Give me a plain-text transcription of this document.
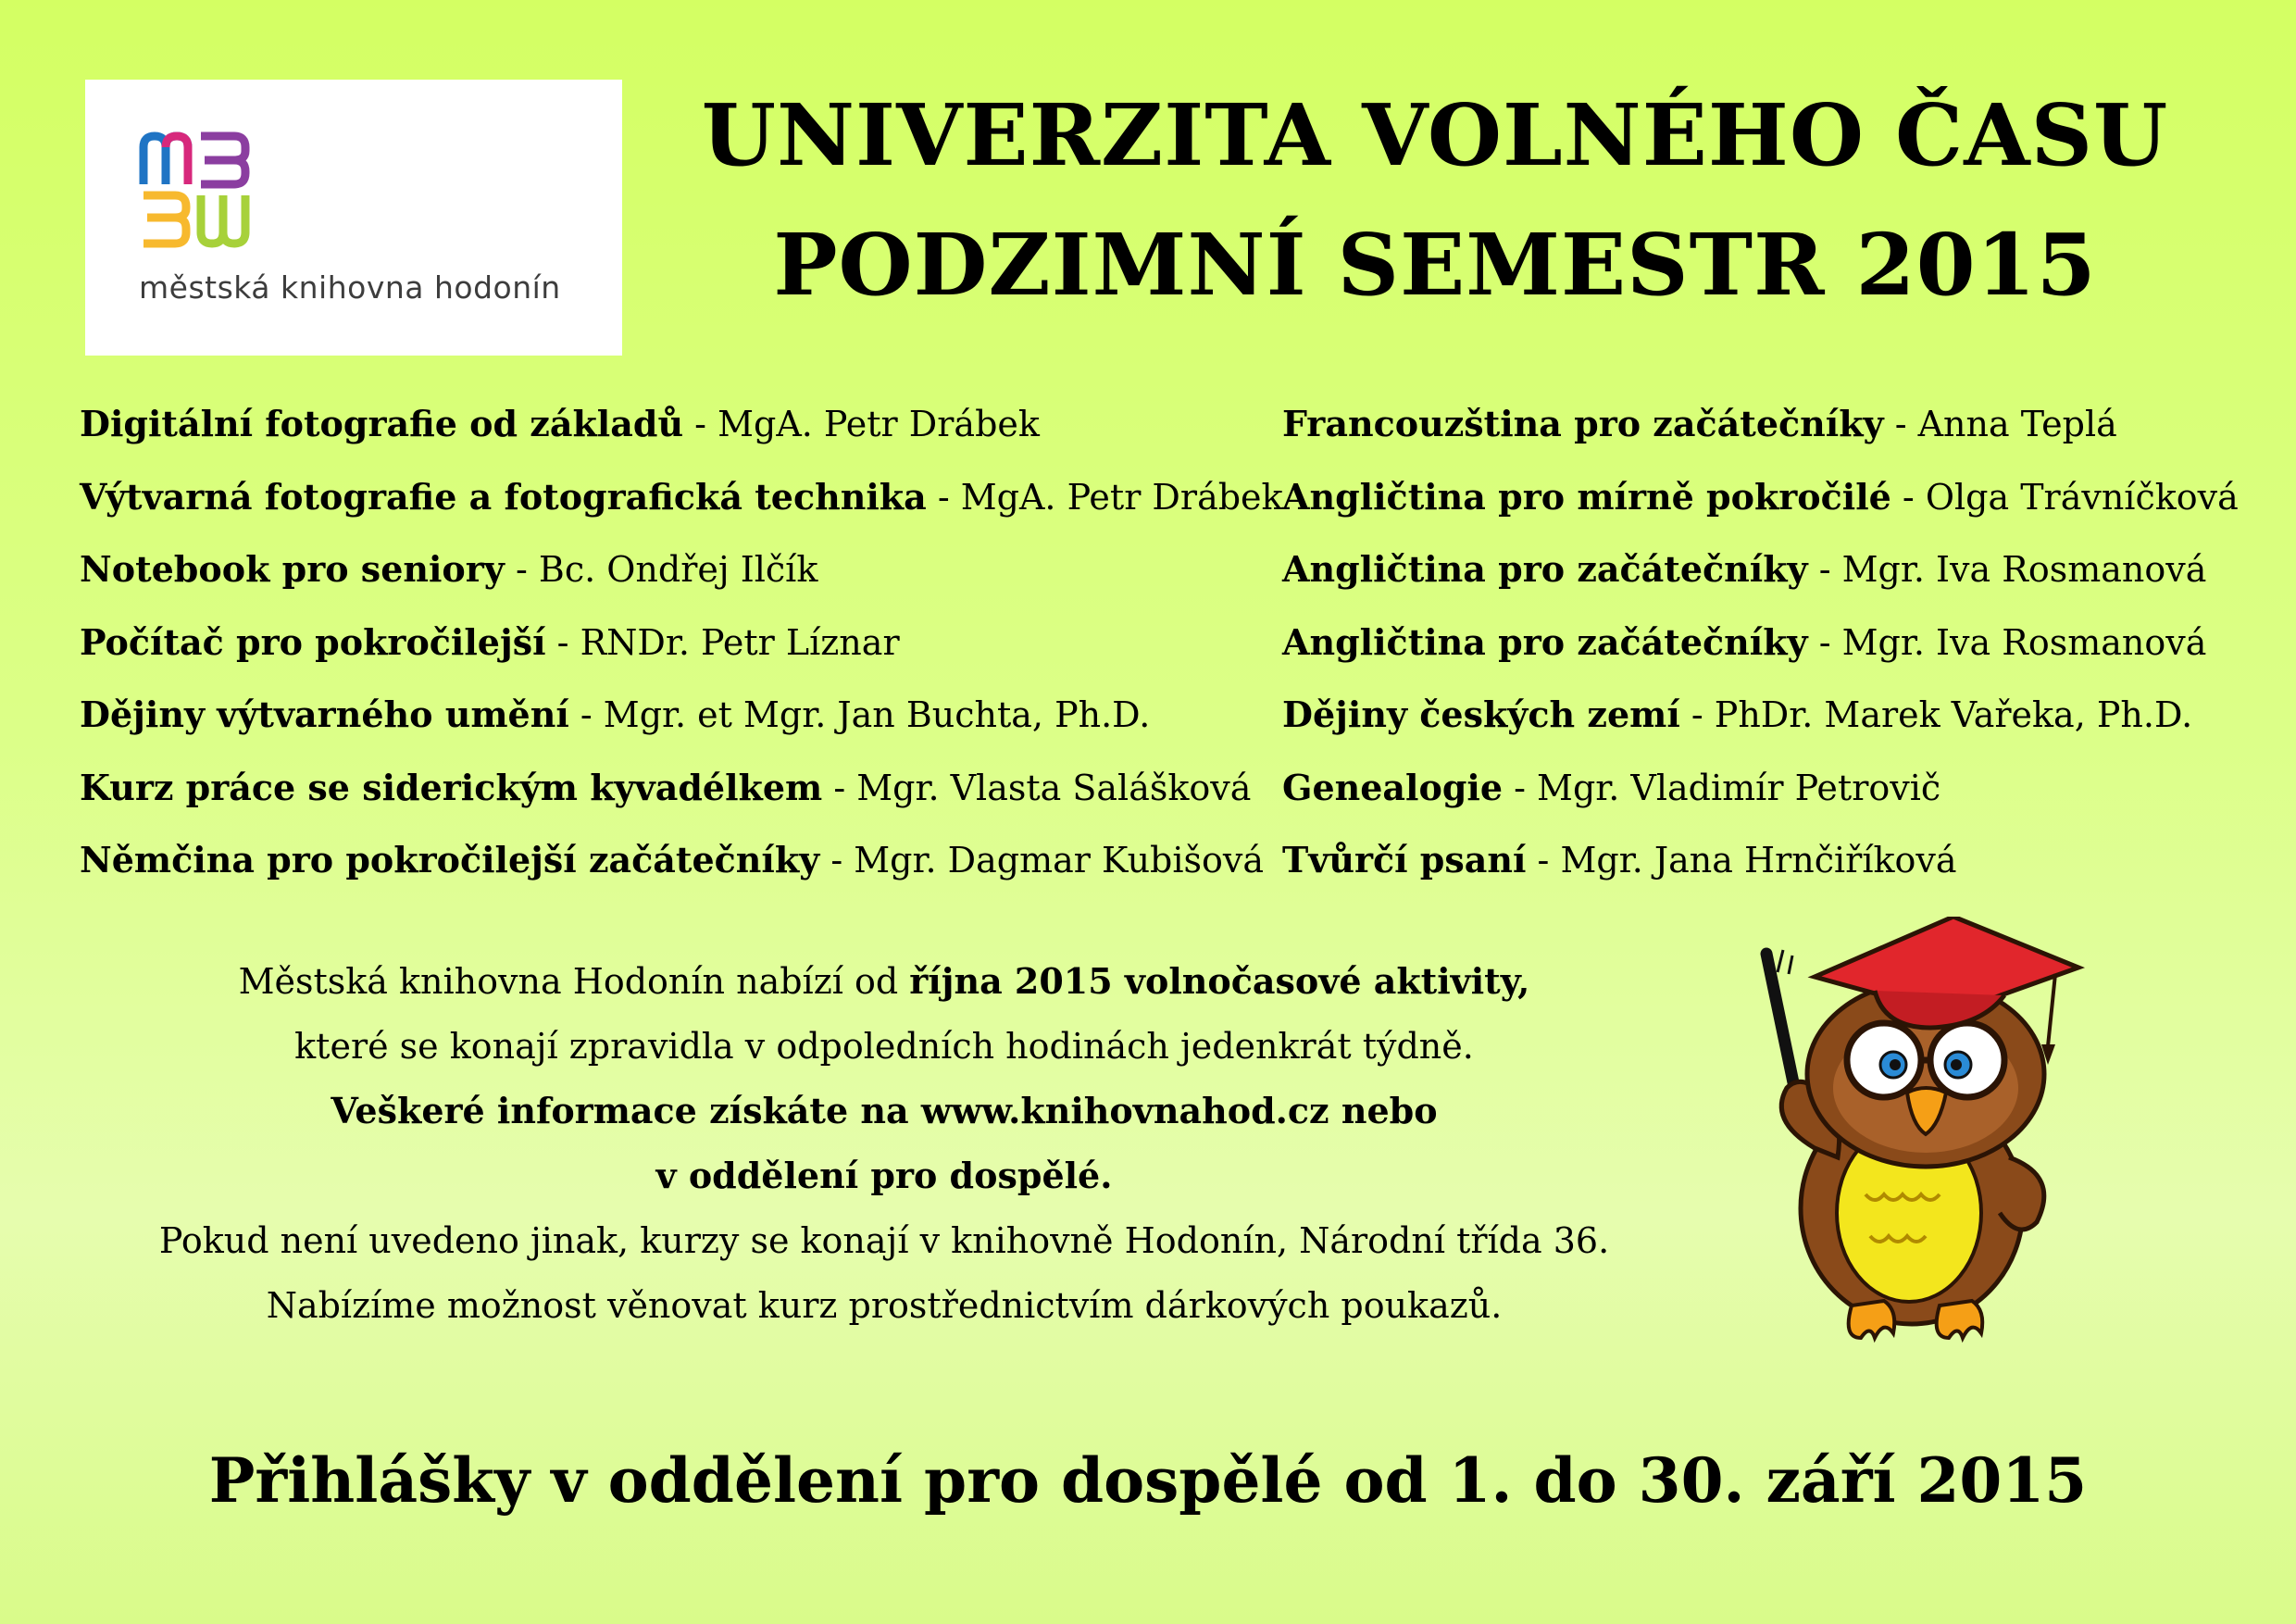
městská knihovna hodonín
UNIVERZITA VOLNÉHO ČASU
PODZIMNÍ SEMESTR 2015
Digitální fotografie od základů - MgA. Petr Drábek
Výtvarná fotografie a fotografická technika - MgA. Petr Drábek
Notebook pro seniory - Bc. Ondřej Ilčík
Počítač pro pokročilejší - RNDr. Petr Líznar
Dějiny výtvarného umění - Mgr. et Mgr. Jan Buchta, Ph.D.
Kurz práce se siderickým kyvadélkem - Mgr. Vlasta Salášková
Němčina pro pokročilejší začátečníky - Mgr. Dagmar Kubišová
Francouzština pro začátečníky - Anna Teplá
Angličtina pro mírně pokročilé - Olga Trávníčková
Angličtina pro začátečníky - Mgr. Iva Rosmanová
Angličtina pro začátečníky - Mgr. Iva Rosmanová
Dějiny českých zemí - PhDr. Marek Vařeka, Ph.D.
Genealogie - Mgr. Vladimír Petrovič
Tvůrčí psaní - Mgr. Jana Hrnčiříková

Městská knihovna Hodonín nabízí od října 2015 volnočasové aktivity,

které se konají zpravidla v odpoledních hodinách jedenkrát týdně.

Veškeré informace získáte na www.knihovnahod.cz nebo

v oddělení pro dospělé.

Pokud není uvedeno jinak, kurzy se konají v knihovně Hodonín, Národní třída 36.

Nabízíme možnost věnovat kurz prostřednictvím dárkových poukazů.

Přihlášky v oddělení pro dospělé od 1. do 30. září 2015
